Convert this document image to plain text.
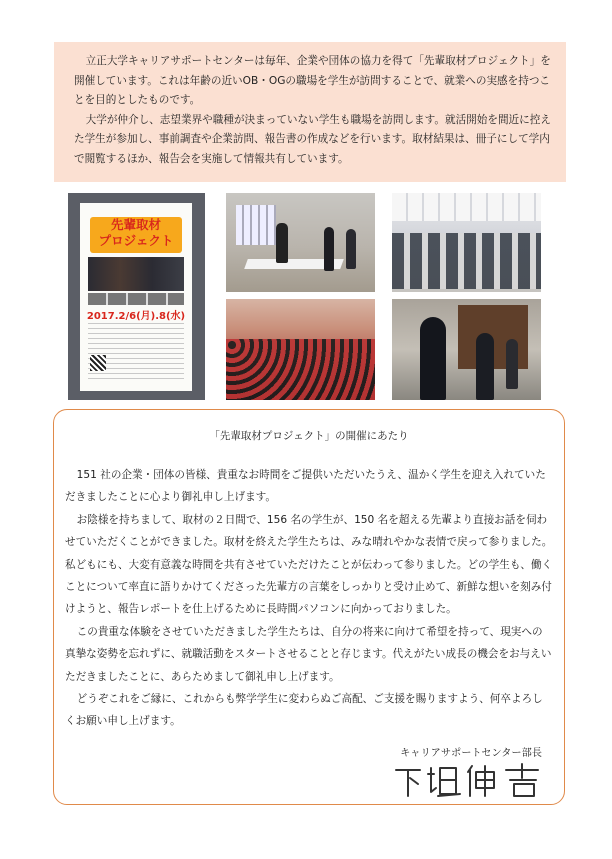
立正大学キャリアサポートセンターは毎年、企業や団体の協力を得て「先輩取材プロジェクト」を開催しています。これは年齢の近いOB・OGの職場を学生が訪問することで、就業への実感を持つことを目的としたものです。

大学が仲介し、志望業界や職種が決まっていない学生も職場を訪問します。就活開始を間近に控えた学生が参加し、事前調査や企業訪問、報告書の作成などを行います。取材結果は、冊子にして学内で閲覧するほか、報告会を実施して情報共有しています。

先輩取材
プロジェクト
2017.2/6(月).8(水)

「先輩取材プロジェクト」の開催にあたり

151 社の企業・団体の皆様、貴重なお時間をご提供いただいたうえ、温かく学生を迎え入れていただきましたことに心より御礼申し上げます。

お陰様を持ちまして、取材の２日間で、156 名の学生が、150 名を超える先輩より直接お話を伺わせていただくことができました。取材を終えた学生たちは、みな晴れやかな表情で戻って参りました。私どもにも、大変有意義な時間を共有させていただけたことが伝わって参りました。どの学生も、働くことについて率直に語りかけてくださった先輩方の言葉をしっかりと受け止めて、新鮮な想いを刻み付けようと、報告レポートを仕上げるために長時間パソコンに向かっておりました。

この貴重な体験をさせていただきました学生たちは、自分の将来に向けて希望を持って、現実への真摯な姿勢を忘れずに、就職活動をスタートさせることと存じます。代えがたい成長の機会をお与えいただきましたことに、あらためまして御礼申し上げます。

どうぞこれをご縁に、これからも弊学学生に変わらぬご高配、ご支援を賜りますよう、何卒よろしくお願い申し上げます。

キャリアサポートセンター部長
